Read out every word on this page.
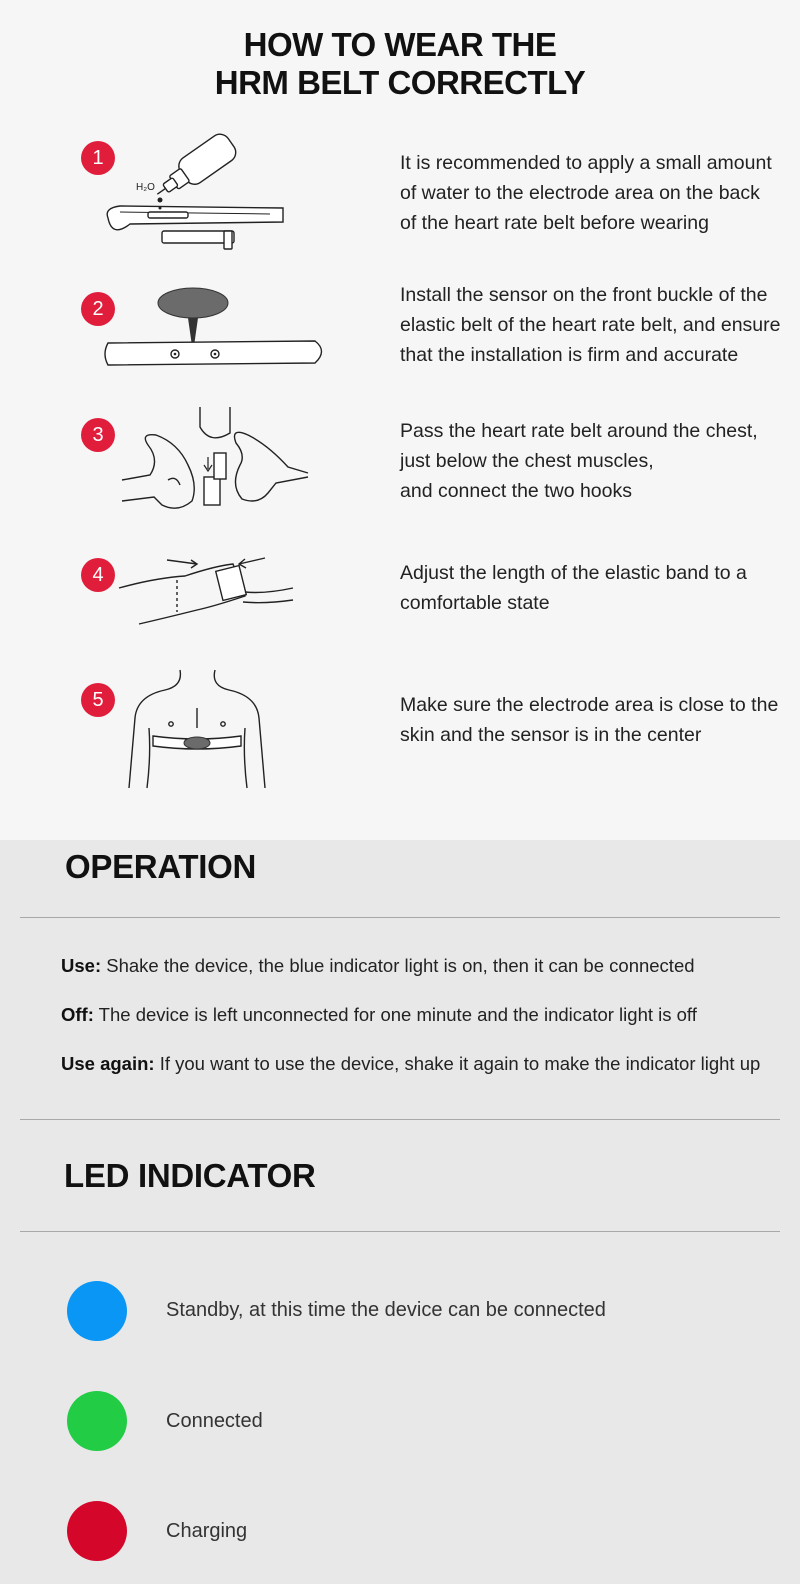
HOW TO WEAR THE
HRM BELT CORRECTLY
1
H₂O
It is recommended to apply a small amount
of water to the electrode area on the back
of the heart rate belt before wearing
2
Install the sensor on the front buckle of the
elastic belt of the heart rate belt, and ensure
that the installation is firm and accurate
3	Pass the heart rate belt around the chest,
just below the chest muscles,
and connect the two hooks
4	Adjust the length of the elastic band to a
comfortable state
5	Make sure the electrode area is close to the
skin and the sensor is in the center
OPERATION
Use: Shake the device, the blue indicator light is on, then it can be connected
Off: The device is left unconnected for one minute and the indicator light is off
Use again: If you want to use the device, shake it again to make the indicator light up
LED INDICATOR
Standby, at this time the device can be connected
Connected
Charging
